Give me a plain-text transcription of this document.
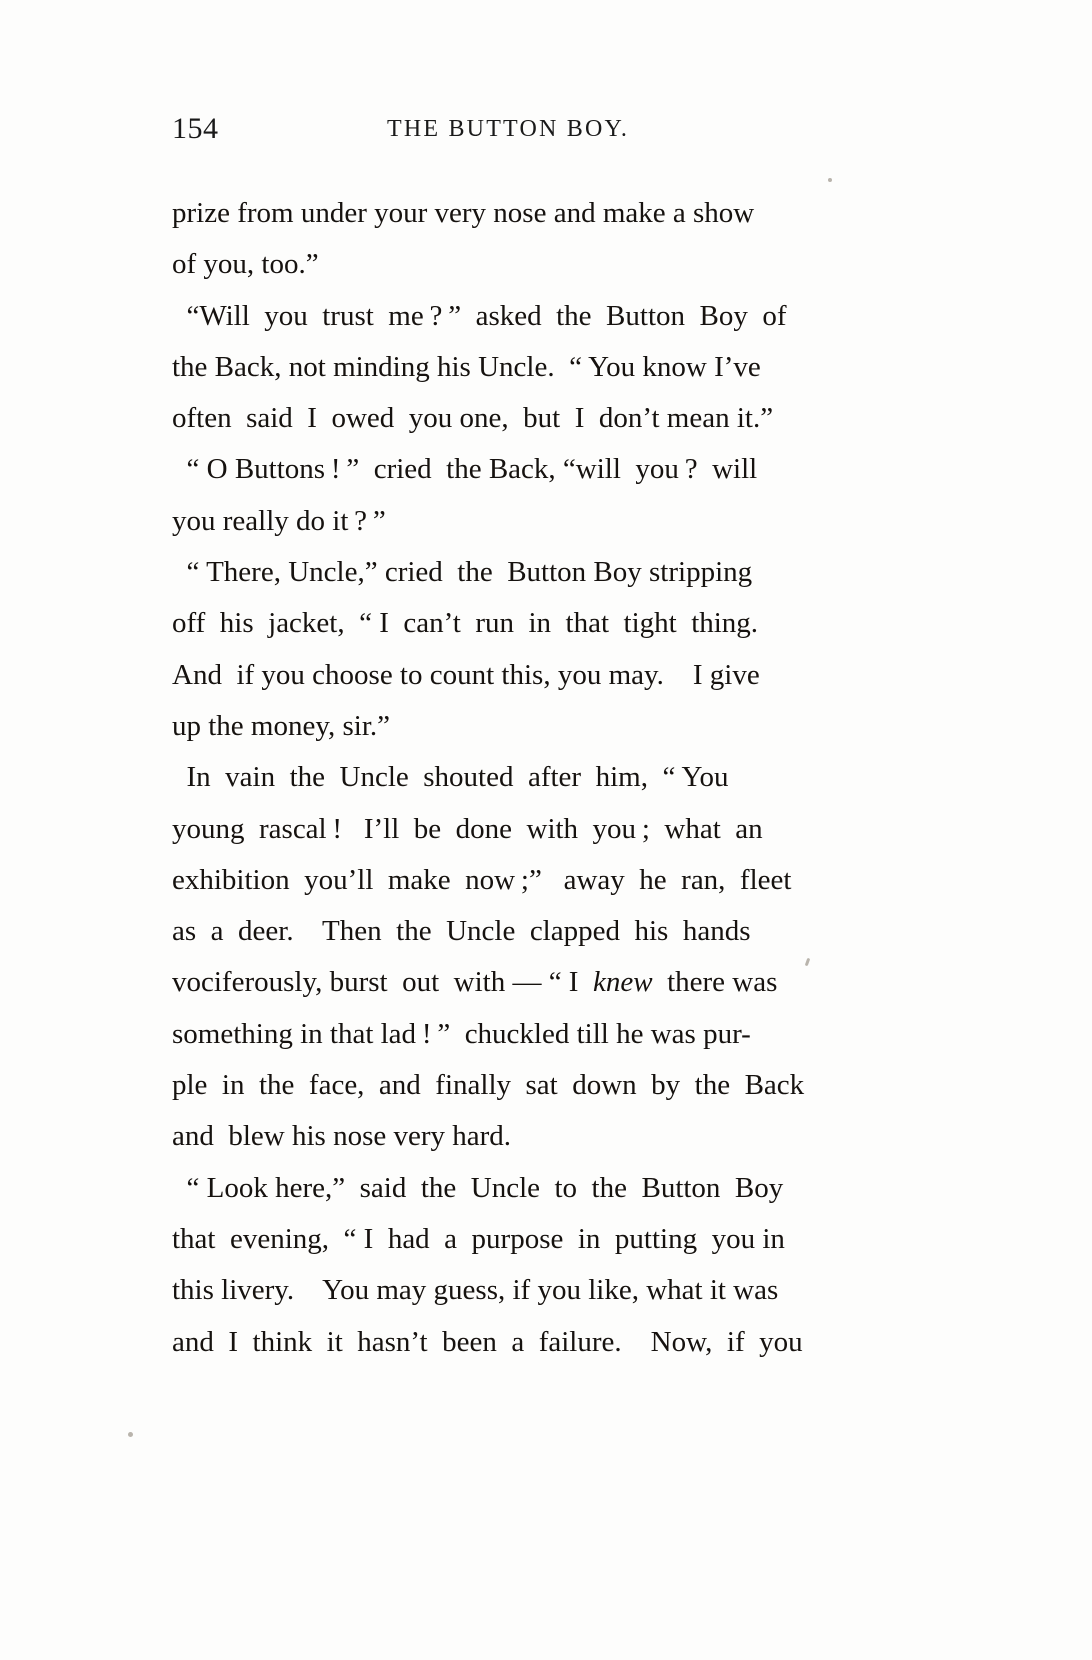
154	THE BUTTON BOY.
prize from under your very nose and make a show
of you, too.”
“Will  you  trust  me ? ”  asked  the  Button  Boy  of
the Back, not minding his Uncle.  “ You know I’ve
often  said  I  owed  you one,  but  I  don’t mean it.”
“ O Buttons ! ”  cried  the Back, “will  you ?  will
you really do it ? ”
“ There, Uncle,” cried  the  Button Boy stripping
off  his  jacket,  “ I  can’t  run  in  that  tight  thing.
And  if you choose to count this, you may.    I give
up the money, sir.”
In  vain  the  Uncle  shouted  after  him,  “ You
young  rascal !   I’ll  be  done  with  you ;  what  an
exhibition  you’ll  make  now ;”   away  he  ran,  fleet
as  a  deer.    Then  the  Uncle  clapped  his  hands
vociferously, burst  out  with — “ I  knew  there was
something in that lad ! ”  chuckled till he was pur-
ple  in  the  face,  and  finally  sat  down  by  the  Back
and  blew his nose very hard.
“ Look here,”  said  the  Uncle  to  the  Button  Boy
that  evening,  “ I  had  a  purpose  in  putting  you in
this livery.    You may guess, if you like, what it was
and  I  think  it  hasn’t  been  a  failure.    Now,  if  you
